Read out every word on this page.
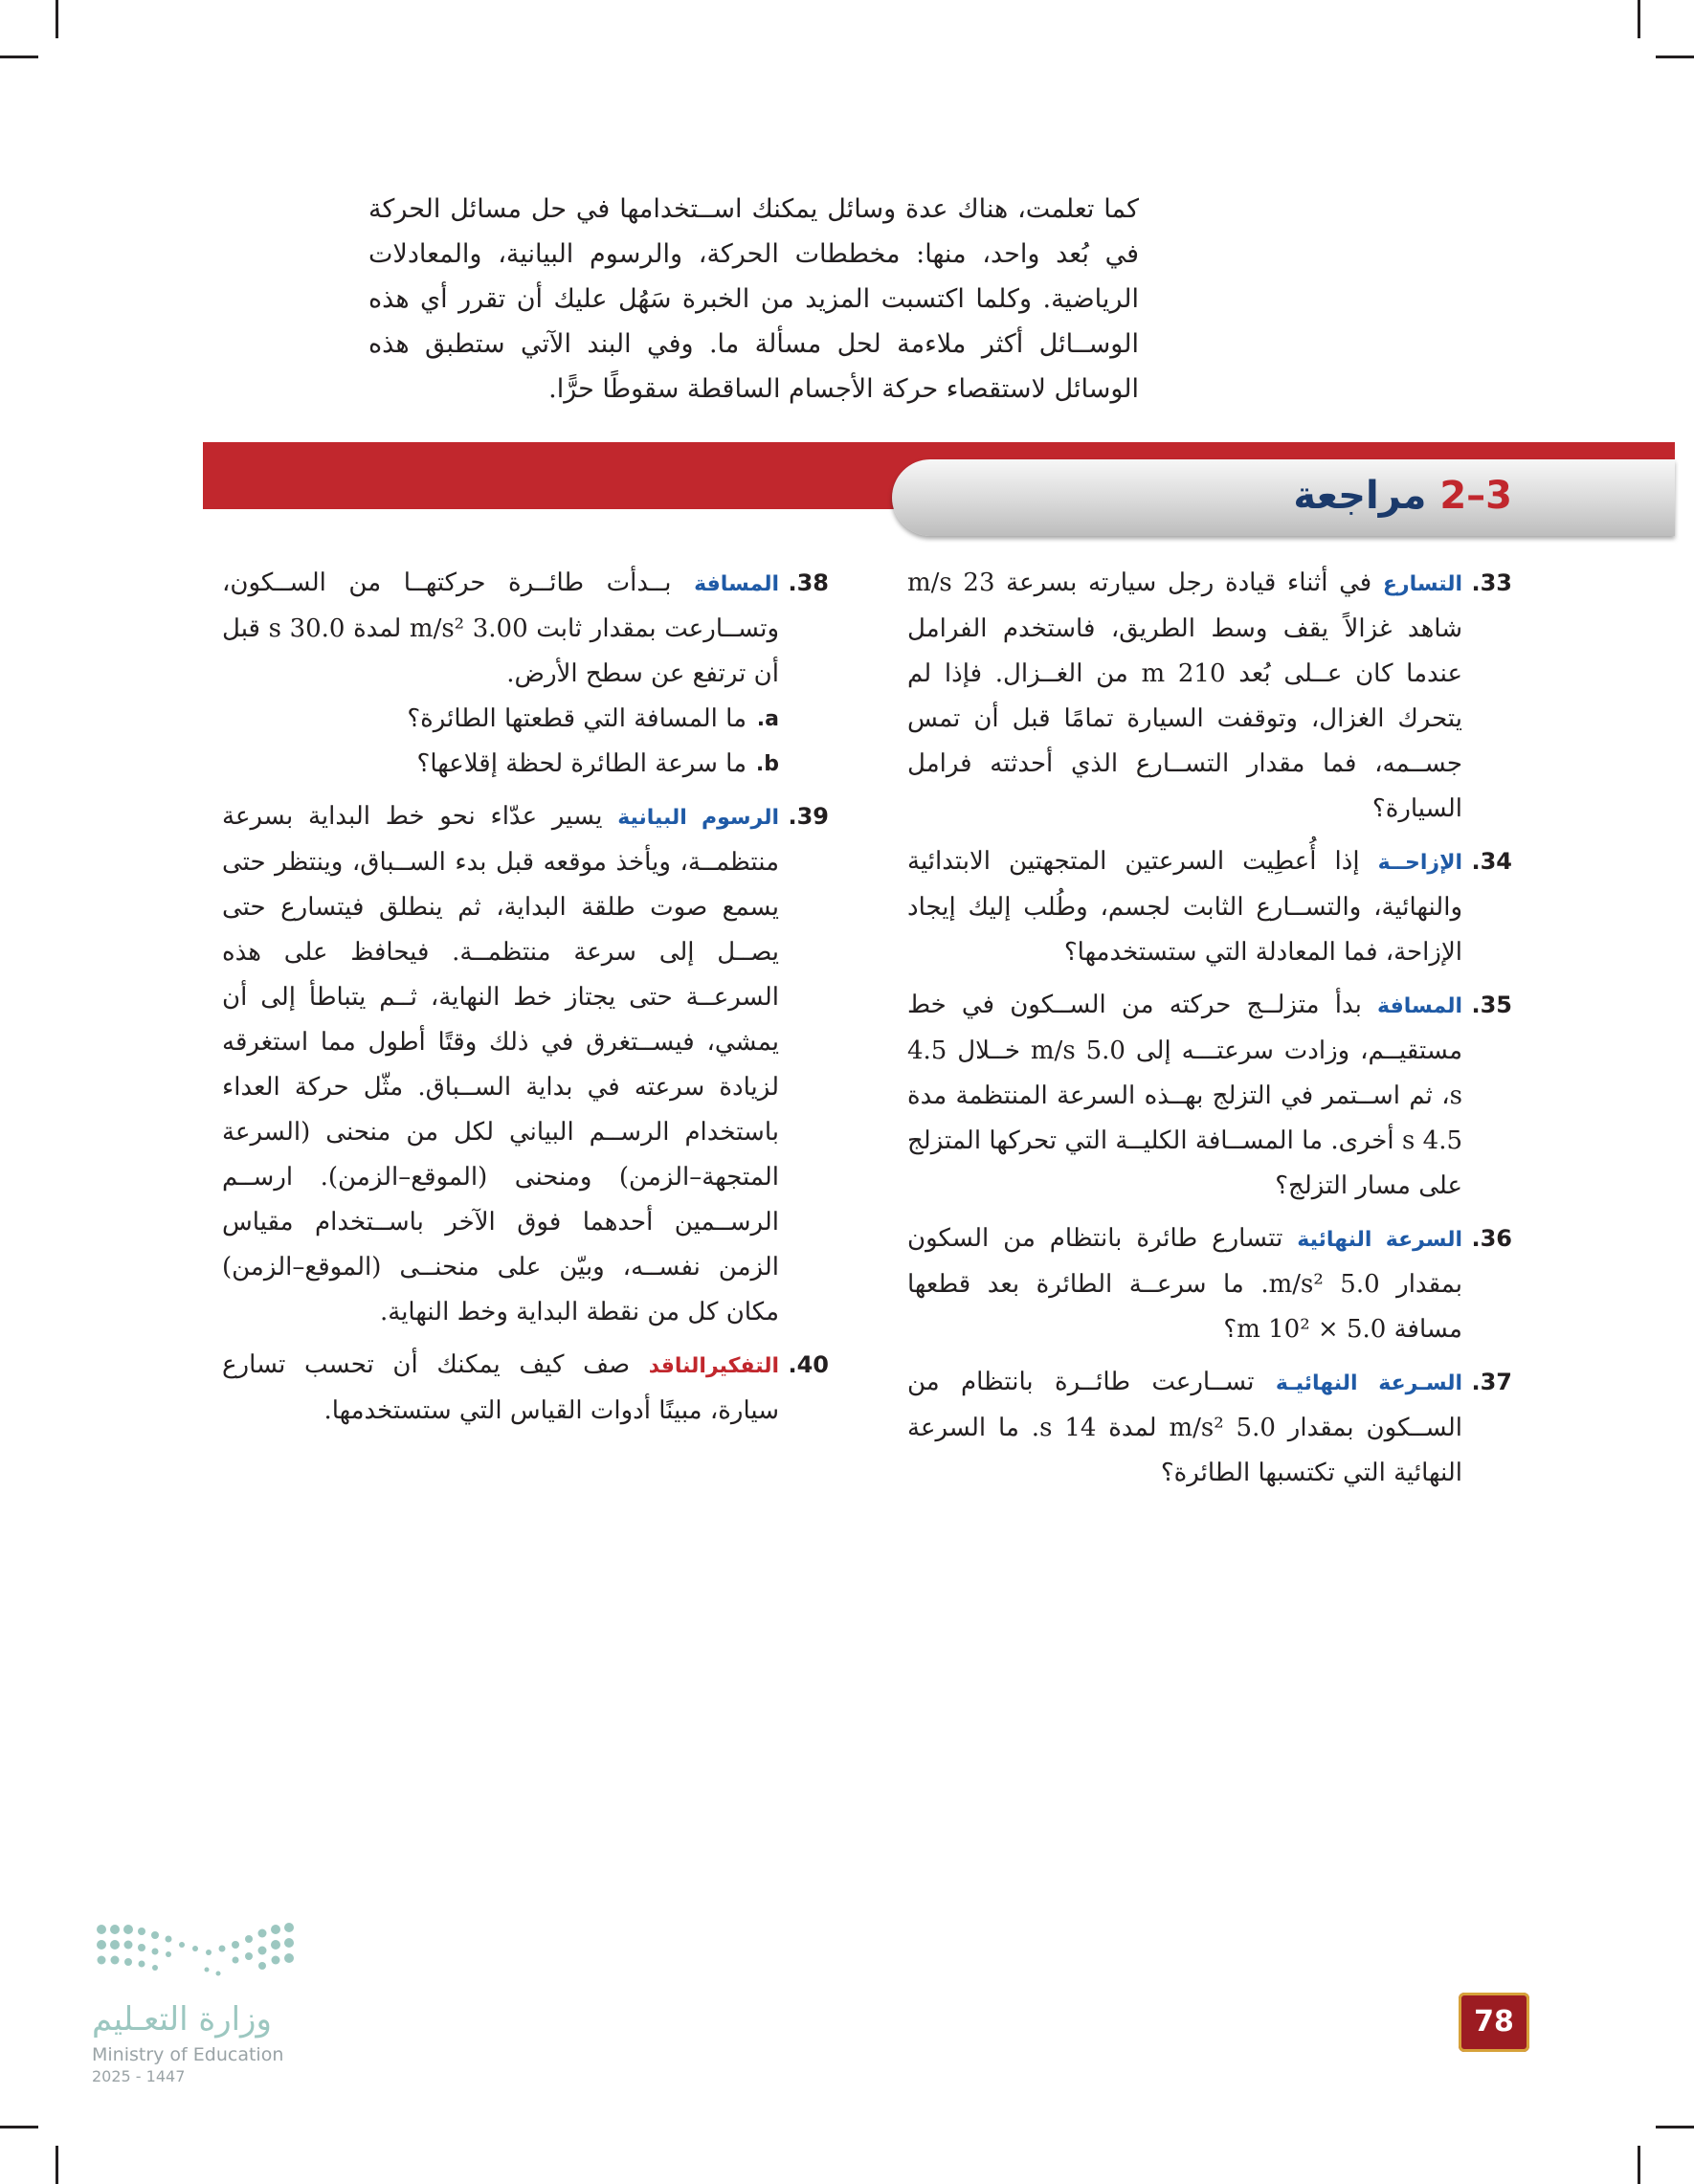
كما تعلمت، هناك عدة وسائل يمكنك اســتخدامها في حل مسائل الحركة في بُعد واحد، منها: مخططات الحركة، والرسوم البيانية، والمعادلات الرياضية. وكلما اكتسبت المزيد من الخبرة سَهُل عليك أن تقرر أي هذه الوســائل أكثر ملاءمة لحل مسألة ما. وفي البند الآتي ستطبق هذه الوسائل لاستقصاء حركة الأجسام الساقطة سقوطًا حرًّا.

3–2 مراجعة
33.
التسارع في أثناء قيادة رجل سيارته بسرعة 23 m/s شاهد غزالاً يقف وسط الطريق، فاستخدم الفرامل عندما كان عــلى بُعد 210 m من الغــزال. فإذا لم يتحرك الغزال، وتوقفت السيارة تمامًا قبل أن تمس جســمه، فما مقدار التســارع الذي أحدثته فرامل السيارة؟
34.
الإزاحــة إذا أُعطِيت السرعتين المتجهتين الابتدائية والنهائية، والتســارع الثابت لجسم، وطُلب إليك إيجاد الإزاحة، فما المعادلة التي ستستخدمها؟
35.
المسافة بدأ متزلــج حركته من الســكون في خط مستقيــم، وزادت سرعتـــه إلى 5.0 m/s خــلال 4.5 s، ثم اســتمر في التزلج بهــذه السرعة المنتظمة مدة 4.5 s أخرى. ما المســافة الكليــة التي تحركها المتزلج على مسار التزلج؟
36.
السرعة النهائية تتسارع طائرة بانتظام من السكون بمقدار 5.0 m/s². ما سرعــة الطائرة بعد قطعها مسافة 5.0 × 10² m؟
37.
السـرعة النهائيـة تســارعت طائــرة بانتظام من الســكون بمقدار 5.0 m/s² لمدة 14 s. ما السرعة النهائية التي تكتسبها الطائرة؟
38.
المسافة بــدأت طائــرة حركتهــا من الســكون، وتســارعت بمقدار ثابت 3.00 m/s² لمدة 30.0 s قبل أن ترتفع عن سطح الأرض.
a.
ما المسافة التي قطعتها الطائرة؟
b.
ما سرعة الطائرة لحظة إقلاعها؟
39.
الرسوم البيانية يسير عدّاء نحو خط البداية بسرعة منتظمــة، ويأخذ موقعه قبل بدء الســباق، وينتظر حتى يسمع صوت طلقة البداية، ثم ينطلق فيتسارع حتى يصــل إلى سرعة منتظمــة. فيحافظ على هذه السرعــة حتى يجتاز خط النهاية، ثــم يتباطأ إلى أن يمشي، فيســتغرق في ذلك وقتًا أطول مما استغرقه لزيادة سرعته في بداية الســباق. مثّل حركة العداء باستخدام الرســم البياني لكل من منحنى (السرعة المتجهة–الزمن) ومنحنى (الموقع–الزمن). ارســم الرســمين أحدهما فوق الآخر باســتخدام مقياس الزمن نفســه، وبيّن على منحنــى (الموقع–الزمن) مكان كل من نقطة البداية وخط النهاية.
40.
التفكيرالناقد صف كيف يمكنك أن تحسب تسارع سيارة، مبينًا أدوات القياس التي ستستخدمها.
وزارة التعـليم
Ministry of Education
2025 - 1447
78
